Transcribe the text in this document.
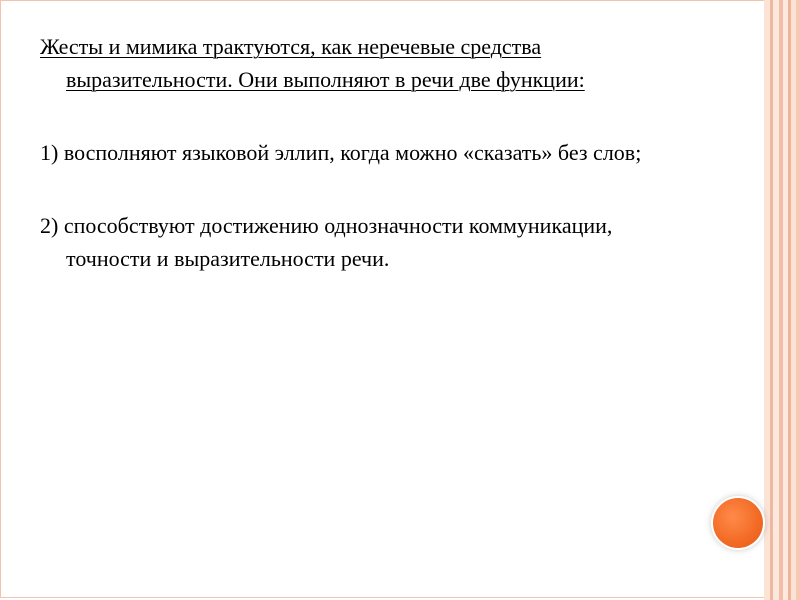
Жесты и мимика трактуются, как неречевые средства выразительности. Они выполняют в речи две функции:

1) восполняют языковой эллип, когда можно «сказать» без слов;

2) способствуют достижению однозначности коммуникации, точности и выразительности речи.
